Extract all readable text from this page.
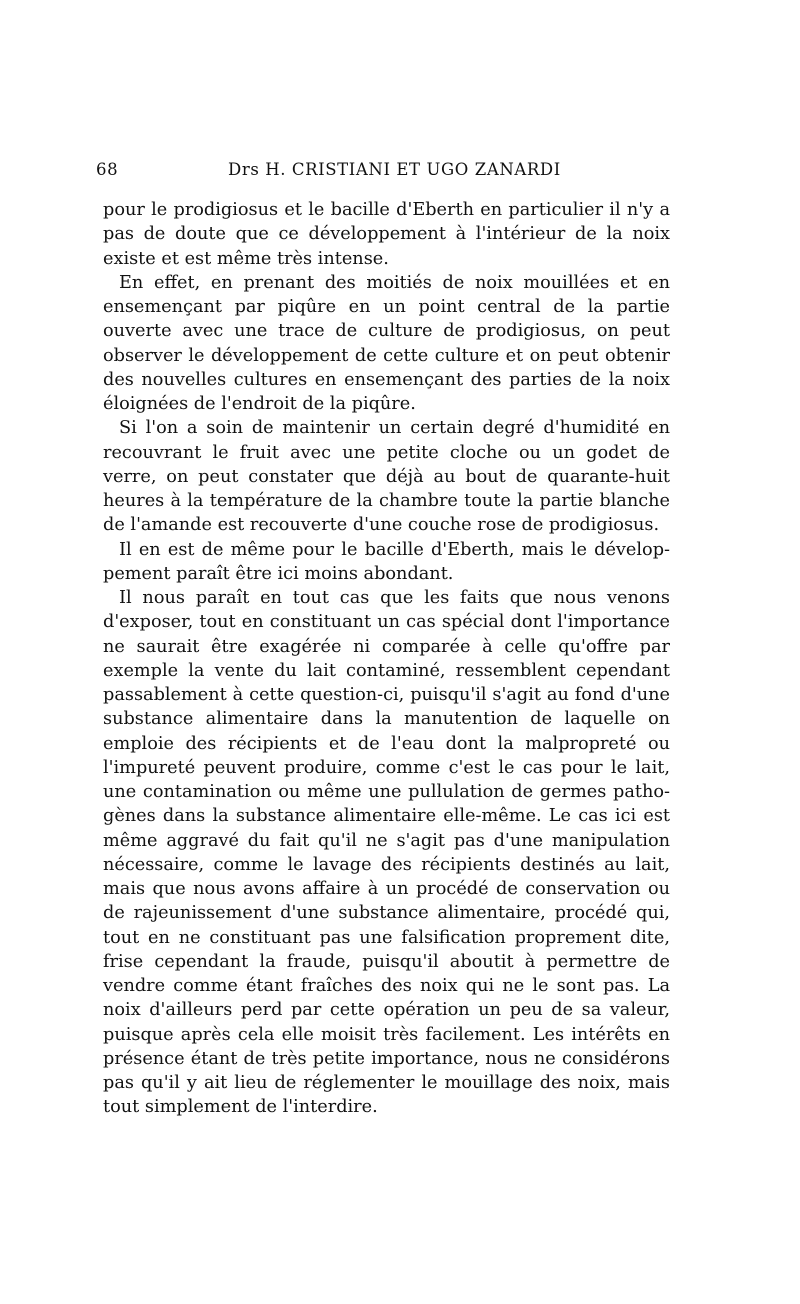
68	Drs H. CRISTIANI ET UGO ZANARDI
pour le prodigiosus et le bacille d'Eberth en particulier il n'y a
pas de doute que ce développement à l'intérieur de la noix
existe et est même très intense.
En effet, en prenant des moitiés de noix mouillées et en
ensemençant par piqûre en un point central de la partie
ouverte avec une trace de culture de prodigiosus, on peut
observer le développement de cette culture et on peut obtenir
des nouvelles cultures en ensemençant des parties de la noix
éloignées de l'endroit de la piqûre.
Si l'on a soin de maintenir un certain degré d'humidité en
recouvrant le fruit avec une petite cloche ou un godet de
verre, on peut constater que déjà au bout de quarante-huit
heures à la température de la chambre toute la partie blanche
de l'amande est recouverte d'une couche rose de prodigiosus.
Il en est de même pour le bacille d'Eberth, mais le dévelop-
pement paraît être ici moins abondant.
Il nous paraît en tout cas que les faits que nous venons
d'exposer, tout en constituant un cas spécial dont l'importance
ne saurait être exagérée ni comparée à celle qu'offre par
exemple la vente du lait contaminé, ressemblent cependant
passablement à cette question-ci, puisqu'il s'agit au fond d'une
substance alimentaire dans la manutention de laquelle on
emploie des récipients et de l'eau dont la malpropreté ou
l'impureté peuvent produire, comme c'est le cas pour le lait,
une contamination ou même une pullulation de germes patho-
gènes dans la substance alimentaire elle-même. Le cas ici est
même aggravé du fait qu'il ne s'agit pas d'une manipulation
nécessaire, comme le lavage des récipients destinés au lait,
mais que nous avons affaire à un procédé de conservation ou
de rajeunissement d'une substance alimentaire, procédé qui,
tout en ne constituant pas une falsification proprement dite,
frise cependant la fraude, puisqu'il aboutit à permettre de
vendre comme étant fraîches des noix qui ne le sont pas. La
noix d'ailleurs perd par cette opération un peu de sa valeur,
puisque après cela elle moisit très facilement. Les intérêts en
présence étant de très petite importance, nous ne considérons
pas qu'il y ait lieu de réglementer le mouillage des noix, mais
tout simplement de l'interdire.
